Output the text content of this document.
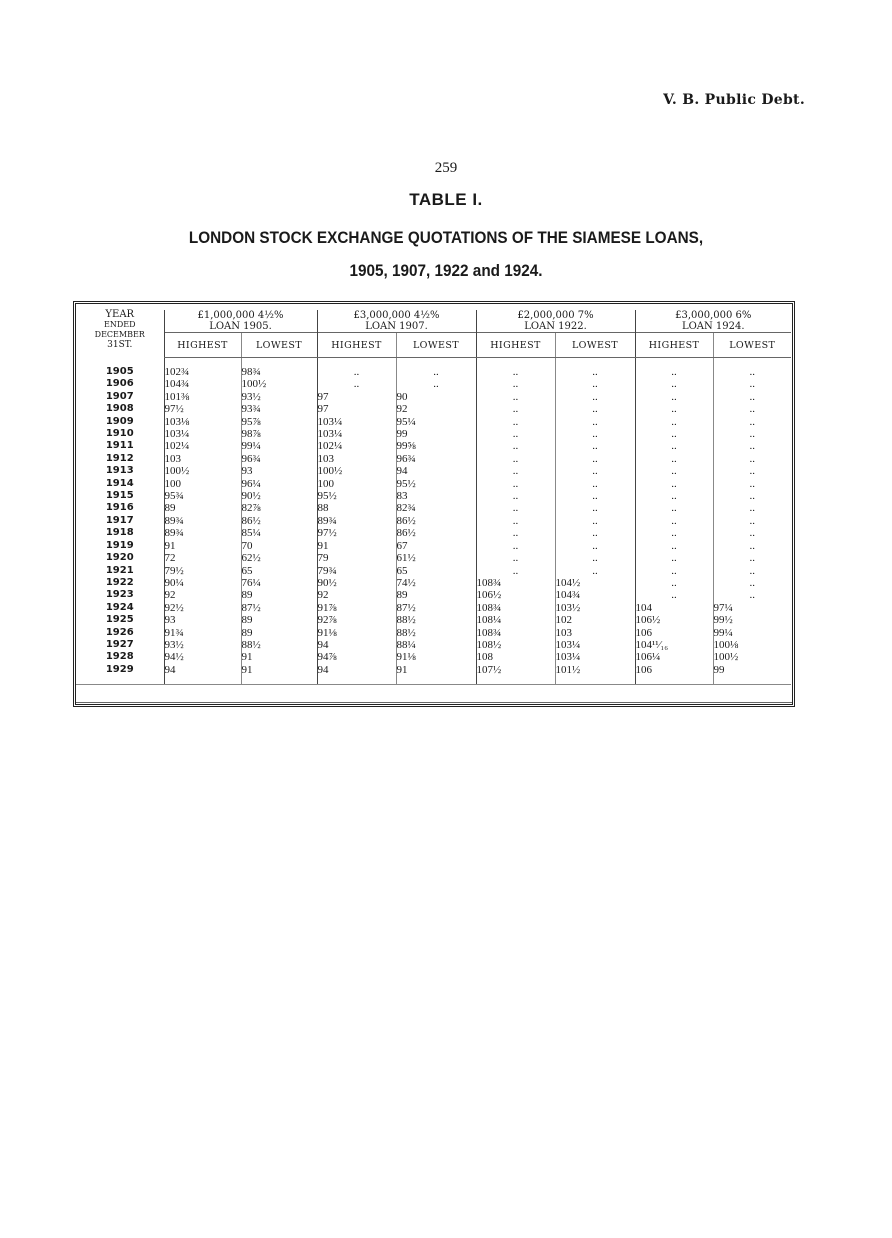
V. B. Public Debt.
259
TABLE I.
LONDON STOCK EXCHANGE QUOTATIONS OF THE SIAMESE LOANS,
1905, 1907, 1922 and 1924.
YEAR
ENDED
DECEMBER
31ST.	£1,000,000 4½%
LOAN 1905.		£3,000,000 4½%
LOAN 1907.		£2,000,000 7%
LOAN 1922.		£3,000,000 6%
LOAN 1924.	

	HIGHEST	LOWEST	HIGHEST	LOWEST	HIGHEST	LOWEST	HIGHEST	LOWEST

1905	102¾	98¾	..	..	..	..	..	..
1906	104¾	100½	..	..	..	..	..	..
1907	101⅜	93½	97	90	..	..	..	..
1908	97½	93¾	97	92	..	..	..	..
1909	103⅛	95⅞	103¼	95¼	..	..	..	..
1910	103¼	98⅞	103¼	99	..	..	..	..
1911	102¼	99¼	102¼	99⅝	..	..	..	..
1912	103	96¾	103	96¾	..	..	..	..
1913	100½	93	100½	94	..	..	..	..
1914	100	96¼	100	95½	..	..	..	..
1915	95¾	90½	95½	83	..	..	..	..
1916	89	82⅞	88	82¾	..	..	..	..
1917	89¾	86½	89¾	86½	..	..	..	..
1918	89¾	85¼	97½	86½	..	..	..	..
1919	91	70	91	67	..	..	..	..
1920	72	62½	79	61½	..	..	..	..
1921	79½	65	79¾	65	..	..	..	..
1922	90¼	76¼	90½	74½	108¾	104½	..	..
1923	92	89	92	89	106½	104¾	..	..
1924	92½	87½	91⅞	87½	108¾	103½	104	97¼
1925	93	89	92⅞	88½	108¼	102	106½	99½
1926	91¾	89	91⅛	88½	108¾	103	106	99¼
1927	93½	88½	94	88¼	108½	103¼	104¹¹⁄₁₆	100⅛
1928	94½	91	94⅞	91⅛	108	103¼	106¼	100½
1929	94	91	94	91	107½	101½	106	99
